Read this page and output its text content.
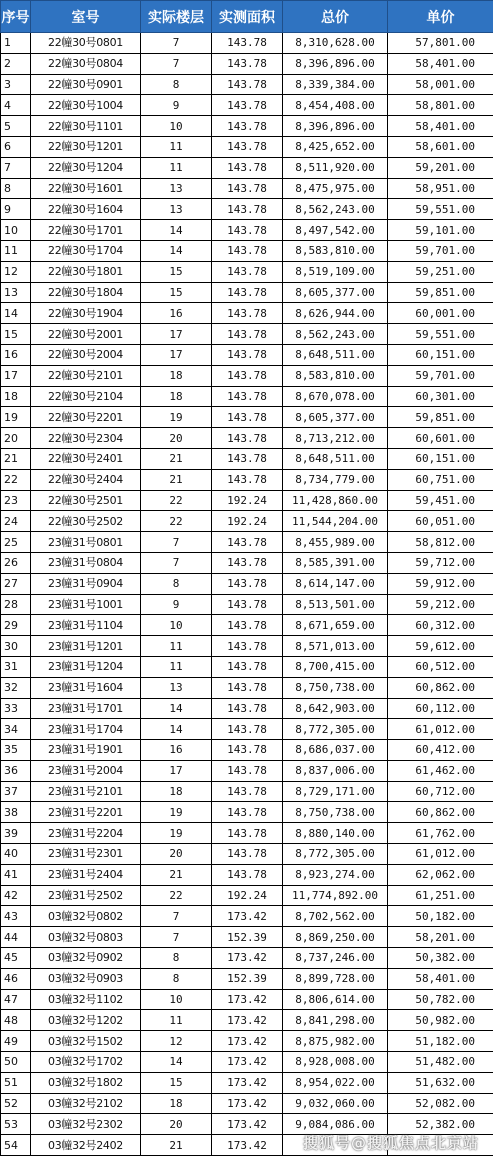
序号	室号	实际楼层	实测面积	总价	单价
1	22幢30号0801	7	143.78	8,310,628.00	57,801.00
2	22幢30号0804	7	143.78	8,396,896.00	58,401.00
3	22幢30号0901	8	143.78	8,339,384.00	58,001.00
4	22幢30号1004	9	143.78	8,454,408.00	58,801.00
5	22幢30号1101	10	143.78	8,396,896.00	58,401.00
6	22幢30号1201	11	143.78	8,425,652.00	58,601.00
7	22幢30号1204	11	143.78	8,511,920.00	59,201.00
8	22幢30号1601	13	143.78	8,475,975.00	58,951.00
9	22幢30号1604	13	143.78	8,562,243.00	59,551.00
10	22幢30号1701	14	143.78	8,497,542.00	59,101.00
11	22幢30号1704	14	143.78	8,583,810.00	59,701.00
12	22幢30号1801	15	143.78	8,519,109.00	59,251.00
13	22幢30号1804	15	143.78	8,605,377.00	59,851.00
14	22幢30号1904	16	143.78	8,626,944.00	60,001.00
15	22幢30号2001	17	143.78	8,562,243.00	59,551.00
16	22幢30号2004	17	143.78	8,648,511.00	60,151.00
17	22幢30号2101	18	143.78	8,583,810.00	59,701.00
18	22幢30号2104	18	143.78	8,670,078.00	60,301.00
19	22幢30号2201	19	143.78	8,605,377.00	59,851.00
20	22幢30号2304	20	143.78	8,713,212.00	60,601.00
21	22幢30号2401	21	143.78	8,648,511.00	60,151.00
22	22幢30号2404	21	143.78	8,734,779.00	60,751.00
23	22幢30号2501	22	192.24	11,428,860.00	59,451.00
24	22幢30号2502	22	192.24	11,544,204.00	60,051.00
25	23幢31号0801	7	143.78	8,455,989.00	58,812.00
26	23幢31号0804	7	143.78	8,585,391.00	59,712.00
27	23幢31号0904	8	143.78	8,614,147.00	59,912.00
28	23幢31号1001	9	143.78	8,513,501.00	59,212.00
29	23幢31号1104	10	143.78	8,671,659.00	60,312.00
30	23幢31号1201	11	143.78	8,571,013.00	59,612.00
31	23幢31号1204	11	143.78	8,700,415.00	60,512.00
32	23幢31号1604	13	143.78	8,750,738.00	60,862.00
33	23幢31号1701	14	143.78	8,642,903.00	60,112.00
34	23幢31号1704	14	143.78	8,772,305.00	61,012.00
35	23幢31号1901	16	143.78	8,686,037.00	60,412.00
36	23幢31号2004	17	143.78	8,837,006.00	61,462.00
37	23幢31号2101	18	143.78	8,729,171.00	60,712.00
38	23幢31号2201	19	143.78	8,750,738.00	60,862.00
39	23幢31号2204	19	143.78	8,880,140.00	61,762.00
40	23幢31号2301	20	143.78	8,772,305.00	61,012.00
41	23幢31号2404	21	143.78	8,923,274.00	62,062.00
42	23幢31号2502	22	192.24	11,774,892.00	61,251.00
43	03幢32号0802	7	173.42	8,702,562.00	50,182.00
44	03幢32号0803	7	152.39	8,869,250.00	58,201.00
45	03幢32号0902	8	173.42	8,737,246.00	50,382.00
46	03幢32号0903	8	152.39	8,899,728.00	58,401.00
47	03幢32号1102	10	173.42	8,806,614.00	50,782.00
48	03幢32号1202	11	173.42	8,841,298.00	50,982.00
49	03幢32号1502	12	173.42	8,875,982.00	51,182.00
50	03幢32号1702	14	173.42	8,928,008.00	51,482.00
51	03幢32号1802	15	173.42	8,954,022.00	51,632.00
52	03幢32号2102	18	173.42	9,032,060.00	52,082.00
53	03幢32号2302	20	173.42	9,084,086.00	52,382.00
54	03幢32号2402	21	173.42		搜狐号@搜狐焦点北京站
